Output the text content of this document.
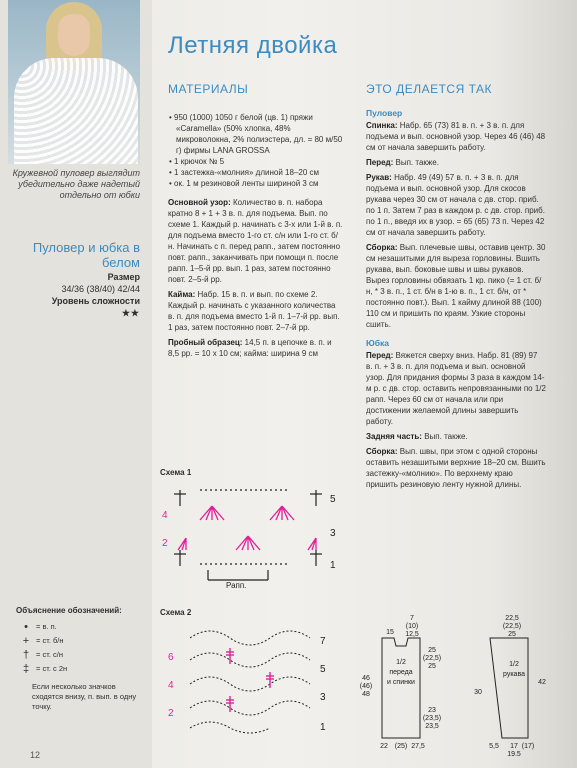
Кружевной пуловер выглядит убедительно даже надетый отдельно от юбки
Пуловер и юбка в белом
Размер
34/36 (38/40) 42/44
Уровень сложности
★★
Летняя двойка
МАТЕРИАЛЫ
• 950 (1000) 1050 г белой (цв. 1) пряжи «Caramella» (50% хлопка, 48% микроволокна, 2% полиэстера, дл. = 80 м/50 г) фирмы LANA GROSSA
• 1 крючок № 5
• 1 застежка-«молния» длиной 18–20 см
• ок. 1 м резиновой ленты шириной 3 см

Основной узор: Количество в. п. набора кратно 8 + 1 + 3 в. п. для подъема. Вып. по схеме 1. Каждый р. начинать с 3-х или 1-й в. п. для подъема вместо 1-го ст. с/н или 1-го ст. б/н. Начинать с п. перед рапп., затем постоянно повт. рапп., заканчивать при помощи п. после рапп. 1–5-й рр. вып. 1 раз, затем постоянно повт. 2–5-й рр.

Кайма: Набр. 15 в. п. и вып. по схеме 2. Каждый р. начинать с указанного количества в. п. для подъема вместо 1-й п. 1–7-й рр. вып. 1 раз, затем постоянно повт. 2–7-й рр.

Пробный образец: 14,5 п. в цепочке в. п. и 8,5 рр. = 10 х 10 см; кайма: ширина 9 см

ЭТО ДЕЛАЕТСЯ ТАК
Пуловер

Спинка: Набр. 65 (73) 81 в. п. + 3 в. п. для подъема и вып. основной узор. Через 46 (46) 48 см от начала завершить работу.

Перед: Вып. также.

Рукав: Набр. 49 (49) 57 в. п. + 3 в. п. для подъема и вып. основной узор. Для скосов рукава через 30 см от начала с дв. стор. приб. по 1 п. Затем 7 раз в каждом р. с дв. стор. приб. по 1 п., введя их в узор. = 65 (65) 73 п. Через 42 см от начала завершить работу.

Сборка: Вып. плечевые швы, оставив центр. 30 см незашитыми для выреза горловины. Вшить рукава, вып. боковые швы и швы рукавов. Вырез горловины обвязать 1 кр. пико (= 1 ст. б/н, * 3 в. п., 1 ст. б/н в 1-ю в. п., 1 ст. б/н, от * постоянно повт.). Вып. 1 кайму длиной 88 (100) 110 см и пришить по краям. Узкие стороны сшить.

Юбка

Перед: Вяжется сверху вниз. Набр. 81 (89) 97 в. п. + 3 в. п. для подъема и вып. основной узор. Для придания формы 3 раза в каждом 14-м р. с дв. стор. оставить непровязанными по 1/2 рапп. Через 60 см от начала или при достижении желаемой длины завершить работу.

Задняя часть: Вып. также.

Сборка: Вып. швы, при этом с одной стороны оставить незашитыми верхние 18–20 см. Вшить застежку-«молнию». По верхнему краю пришить резиновую ленту нужной длины.

Схема 1
4
2
5
3
1
Рапп.
Схема 2
6
4
2
7
5
3
1
7
(10)
12,5
15
1/2
переда
и спинки
46
(46)
48
25
(22,5)
25
23
(23,5)
23,5
22 (25) 27,5
22,5
(22,5)
25
1/2
рукава
30
42
5,5 17 (17)
19,5
Объяснение обозначений:
•	= в. п.
+ = ст. б/н
† = ст. с/н
‡ = ст. с 2н
Если несколько значков сходятся внизу, п. вып. в одну точку.
12
